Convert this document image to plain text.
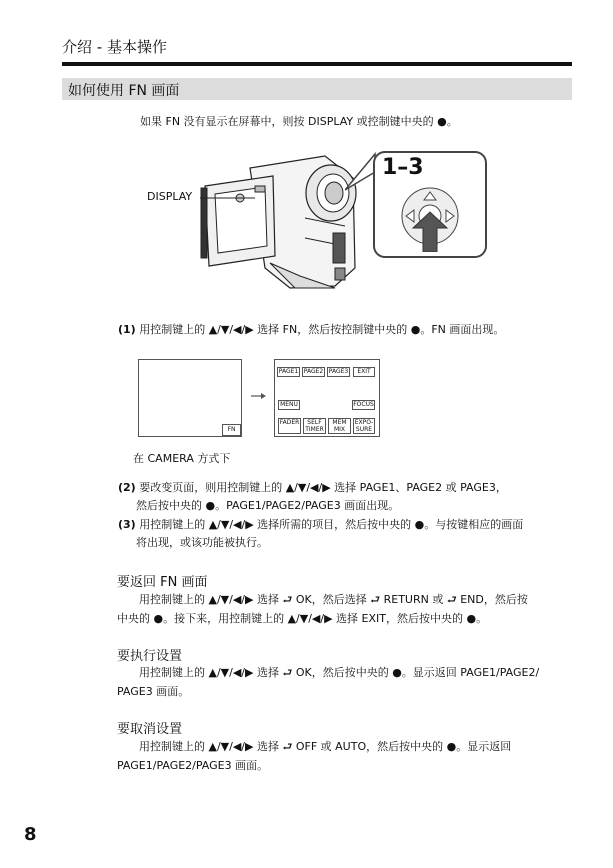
介绍 - 基本操作
如何使用 FN 画面
如果 FN 没有显示在屏幕中，则按 DISPLAY 或控制键中央的 ●。
DISPLAY
1–3
(1) 用控制键上的 ▲/▼/◀/▶ 选择 FN，然后按控制键中央的 ●。FN 画面出现。
FN
PAGE1 PAGE2 PAGE3	EXIT
MENU	FOCUS
FADER	SELF
TIMER
MEM
MIX
EXPO-
SURE
在 CAMERA 方式下
(2) 要改变页面，则用控制键上的 ▲/▼/◀/▶ 选择 PAGE1、PAGE2 或 PAGE3，
然后按中央的 ●。PAGE1/PAGE2/PAGE3 画面出现。
(3) 用控制键上的 ▲/▼/◀/▶ 选择所需的项目，然后按中央的 ●。与按键相应的画面
将出现，或该功能被执行。
要返回 FN 画面
用控制键上的 ▲/▼/◀/▶ 选择 ⮐ OK，然后选择 ⮐ RETURN 或 ⮐ END，然后按
中央的 ●。接下来，用控制键上的 ▲/▼/◀/▶ 选择 EXIT，然后按中央的 ●。
要执行设置
用控制键上的 ▲/▼/◀/▶ 选择 ⮐ OK，然后按中央的 ●。显示返回 PAGE1/PAGE2/
PAGE3 画面。
要取消设置
用控制键上的 ▲/▼/◀/▶ 选择 ⮐ OFF 或 AUTO，然后按中央的 ●。显示返回
PAGE1/PAGE2/PAGE3 画面。
8
